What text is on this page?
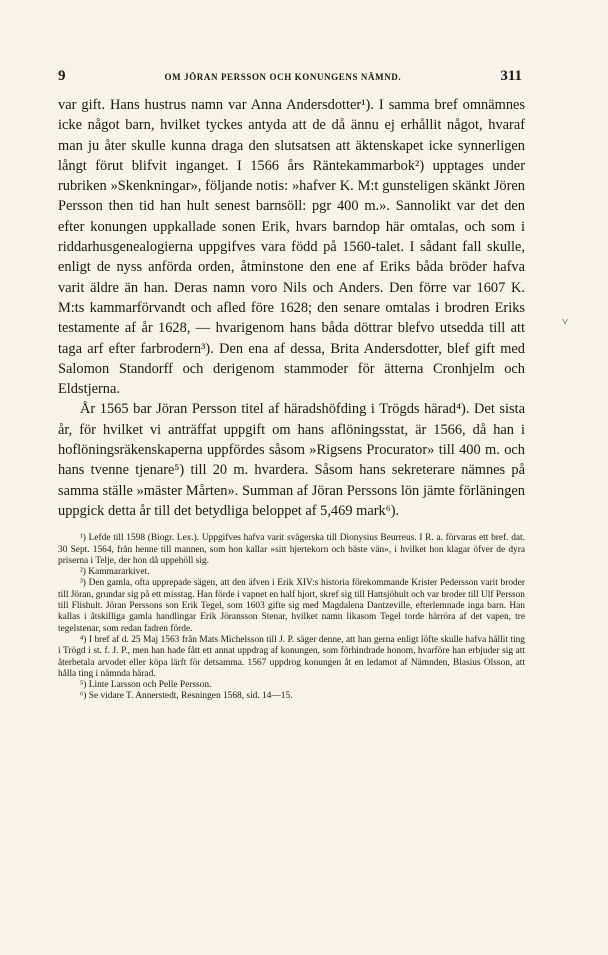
9	OM JÖRAN PERSSON OCH KONUNGENS NÄMND.	311
˅

var gift. Hans hustrus namn var Anna Andersdotter¹). I samma bref omnämnes icke något barn, hvilket tyckes antyda att de då ännu ej erhållit något, hvaraf man ju åter skulle kunna draga den slutsatsen att äktenskapet icke synnerligen långt förut blifvit inganget. I 1566 års Räntekammarbok²) upptages under rubriken »Skenkningar», följande notis: »hafver K. M:t gunsteligen skänkt Jören Persson then tid han hult senest barnsöll: pgr 400 m.». Sannolikt var det den efter konungen uppkallade sonen Erik, hvars barndop här omtalas, och som i riddarhusgenealogierna uppgifves vara född på 1560-talet. I sådant fall skulle, enligt de nyss anförda orden, åtminstone den ene af Eriks båda bröder hafva varit äldre än han. Deras namn voro Nils och Anders. Den förre var 1607 K. M:ts kammarförvandt och afled före 1628; den senare omtalas i brodren Eriks testamente af år 1628, — hvarigenom hans båda döttrar blefvo utsedda till att taga arf efter farbrodern³). Den ena af dessa, Brita Andersdotter, blef gift med Salomon Standorff och derigenom stammoder för ätterna Cronhjelm och Eldstjerna.

År 1565 bar Jöran Persson titel af häradshöfding i Trögds härad⁴). Det sista år, för hvilket vi anträffat uppgift om hans aflöningsstat, är 1566, då han i hoflöningsräkenskaperna uppfördes såsom »Rigsens Procurator» till 400 m. och hans tvenne tjenare⁵) till 20 m. hvardera. Såsom hans sekreterare nämnes på samma ställe »mäster Mårten». Summan af Jöran Perssons lön jämte förläningen uppgick detta år till det betydliga beloppet af 5,469 mark⁶).

¹) Lefde till 1598 (Biogr. Lex.). Uppgifves hafva varit svägerska till Dionysius Beurreus. I R. a. förvaras ett bref. dat. 30 Sept. 1564, från henne till mannen, som hon kallar »sitt hjertekorn och bäste vän», i hvilket hon klagar öfver de dyra priserna i Telje, der hon då uppehöll sig.

²) Kammararkivet.

³) Den gamla, ofta upprepade sägen, att den äfven i Erik XIV:s historia förekommande Krister Pedersson varit broder till Jöran, grundar sig på ett misstag. Han förde i vapnet en half hjort, skref sig till Hattsjöhult och var broder till Ulf Persson till Flishult. Jöran Perssons son Erik Tegel, som 1603 gifte sig med Magdalena Dantzeville, efterlemnade inga barn. Han kallas i åtskilliga gamla handlingar Erik Jöransson Stenar, hvilket namn likasom Tegel torde härröra af det vapen, tre tegelstenar, som redan fadren förde.

⁴) I bref af d. 25 Maj 1563 från Mats Michelsson till J. P. säger denne, att han gerna enligt löfte skulle hafva hållit ting i Trögd i st. f. J. P., men han hade fått ett annat uppdrag af konungen, som förhindrade honom, hvarföre han erbjuder sig att återbetala arvodet eller köpa lärft för detsamma. 1567 uppdrog konungen åt en ledamot af Nämnden, Blasius Olsson, att hålla ting i nämnda härad.

⁵) Linte Larsson och Pelle Persson.

⁶) Se vidare T. Annerstedt, Resningen 1568, sid. 14—15.
